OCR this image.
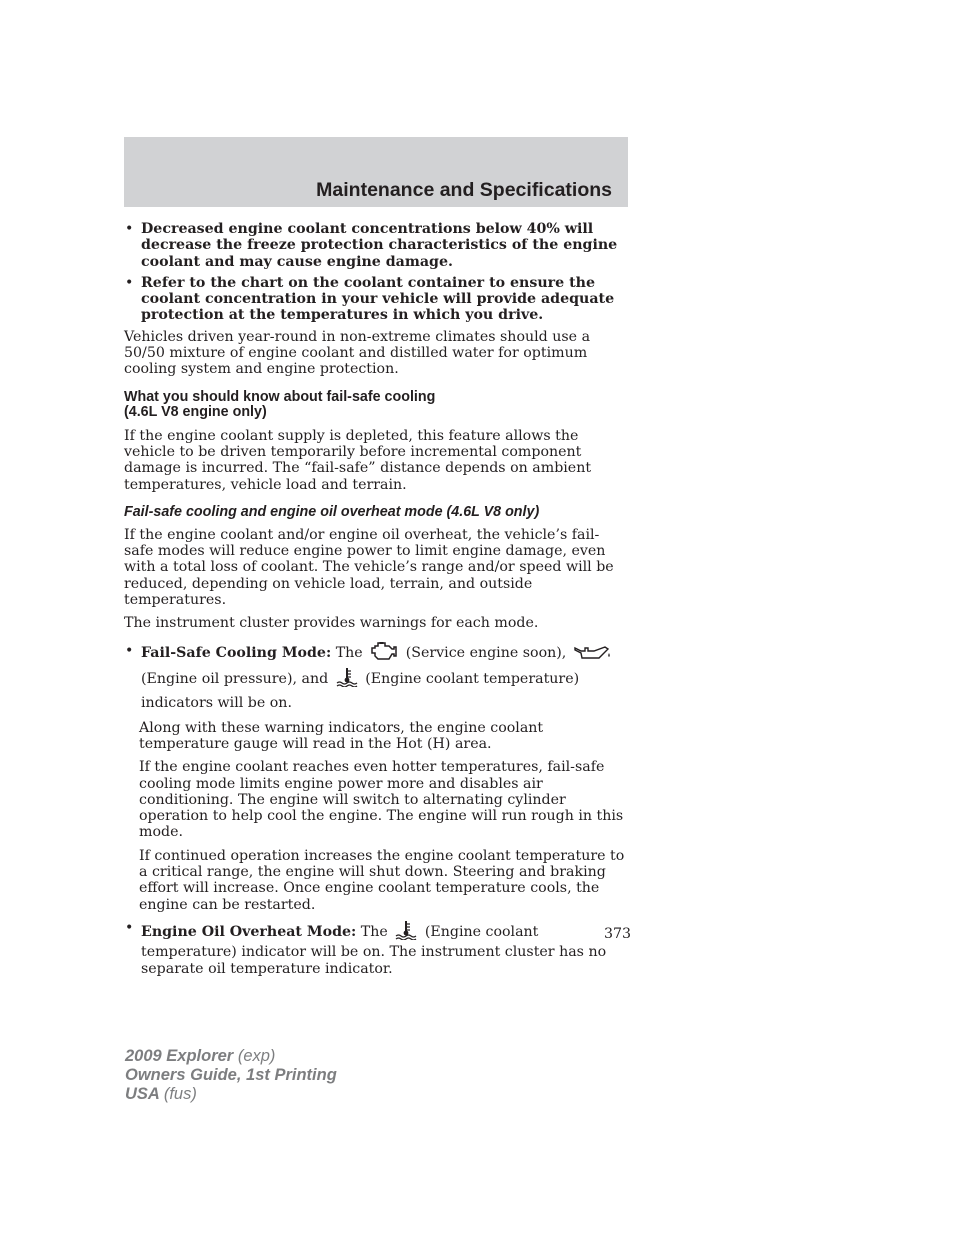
Maintenance and Specifications
• Decreased engine coolant concentrations below 40% will decrease the freeze protection characteristics of the engine coolant and may cause engine damage.
• Refer to the chart on the coolant container to ensure the coolant concentration in your vehicle will provide adequate protection at the temperatures in which you drive.

Vehicles driven year-round in non-extreme climates should use a 50/50 mixture of engine coolant and distilled water for optimum cooling system and engine protection.

What you should know about fail-safe cooling
(4.6L V8 engine only)

If the engine coolant supply is depleted, this feature allows the vehicle to be driven temporarily before incremental component damage is incurred. The “fail-safe” distance depends on ambient temperatures, vehicle load and terrain.

Fail-safe cooling and engine oil overheat mode (4.6L V8 only)

If the engine coolant and/or engine oil overheat, the vehicle’s fail-safe modes will reduce engine power to limit engine damage, even with a total loss of coolant. The vehicle’s range and/or speed will be reduced, depending on vehicle load, terrain, and outside temperatures.

The instrument cluster provides warnings for each mode.

• Fail-Safe Cooling Mode: The	(Service engine soon),  (Engine oil pressure), and	(Engine coolant temperature) indicators will be on.

Along with these warning indicators, the engine coolant temperature gauge will read in the Hot (H) area.

If the engine coolant reaches even hotter temperatures, fail-safe cooling mode limits engine power more and disables air conditioning. The engine will switch to alternating cylinder operation to help cool the engine. The engine will run rough in this mode.

If continued operation increases the engine coolant temperature to a critical range, the engine will shut down. Steering and braking effort will increase. Once engine coolant temperature cools, the engine can be restarted.

• Engine Oil Overheat Mode: The	(Engine coolant temperature) indicator will be on. The instrument cluster has no separate oil temperature indicator.
373
2009 Explorer (exp)
Owners Guide, 1st Printing
USA (fus)
